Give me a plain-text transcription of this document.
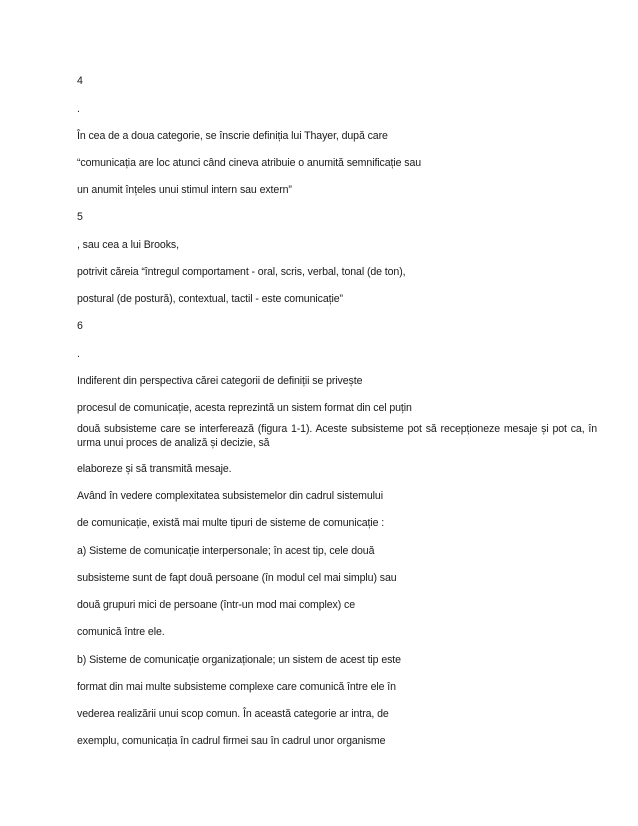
4
.
În cea de a doua categorie, se înscrie definiția lui Thayer, după care
“comunicația are loc atunci când cineva atribuie o anumită semnificație sau
un anumit înțeles unui stimul intern sau extern”
5
, sau cea a lui Brooks,
potrivit căreia “întregul comportament - oral, scris, verbal, tonal (de ton),
postural (de postură), contextual, tactil - este comunicație”
6
.
Indiferent din perspectiva cărei categorii de definiții se privește
procesul de comunicație, acesta reprezintă un sistem format din cel puțin
două subsisteme care se interferează (figura 1-1). Aceste subsisteme pot să recepționeze mesaje și pot ca, în urma unui proces de analiză și decizie, să
elaboreze și să transmită mesaje.
Având în vedere complexitatea subsistemelor din cadrul sistemului
de comunicație, există mai multe tipuri de sisteme de comunicație :
a) Sisteme de comunicație interpersonale; în acest tip, cele două
subsisteme sunt de fapt două persoane (în modul cel mai simplu) sau
două grupuri mici de persoane (într-un mod mai complex) ce
comunică între ele.
b) Sisteme de comunicație organizaționale; un sistem de acest tip este
format din mai multe subsisteme complexe care comunică între ele în
vederea realizării unui scop comun. În această categorie ar intra, de
exemplu, comunicația în cadrul firmei sau în cadrul unor organisme
